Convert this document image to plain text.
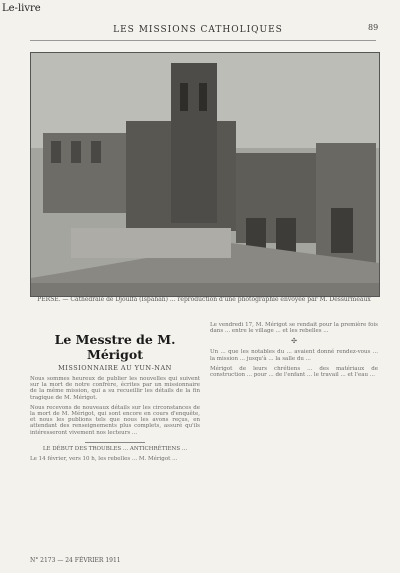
Le-livre
LES MISSIONS CATHOLIQUES	89
PERSE. — Cathédrale de Djoulfa (Ispahan) ... reproduction d'une photographie envoyée par M. Dessurmeaux
Le Messtre de M. Mérigot
MISSIONNAIRE AU YUN-NAN
Nous sommes heureux de publier les nouvelles qui suivent sur la mort de notre confrère, écrites par un missionnaire de la même mission, qui a su recueillir les détails de la fin tragique de M. Mérigot.
Nous recevons de nouveaux détails sur les circonstances de la mort de M. Mérigot, qui sont encore en cours d'enquête, et nous les publions tels que nous les avons reçus, en attendant des renseignements plus complets, assuré qu'ils intéresseront vivement nos lecteurs ...
LE DÉBUT DES TROUBLES ... ANTICHRÉTIENS ...
Le 14 février, vers 10 h, les rebelles ... M. Mérigot ...
Le vendredi 17, M. Mérigot se rendait pour la première fois dans ... entre le village ... et les rebelles ...
✣
Un ... que les notables du ... avaient donné rendez-vous ... la mission ... jusqu'à ... la salle du ...
Mérigot de leurs chrétiens ... des matériaux de construction ... pour ... de l'enfant ... le travail ... et l'eau ...
N° 2173 — 24 FÉVRIER 1911
